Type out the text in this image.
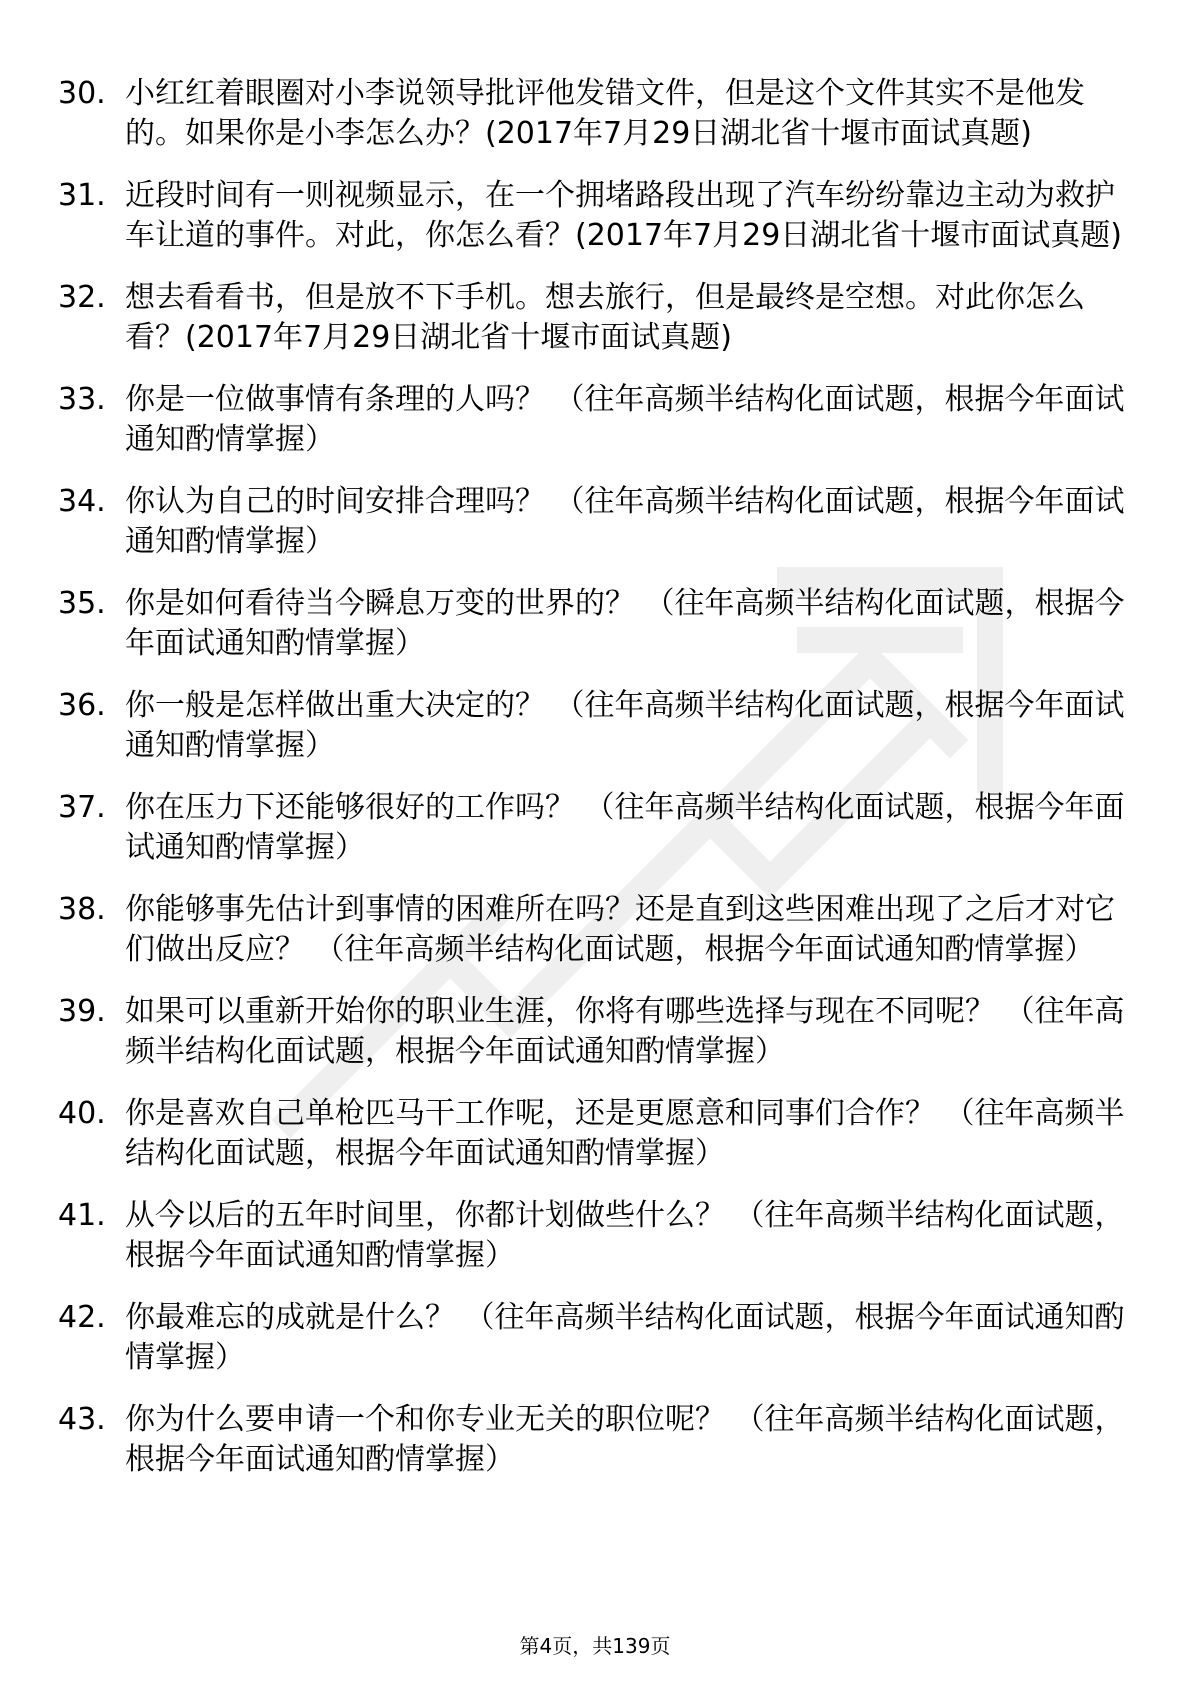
30. 小红红着眼圈对小李说领导批评他发错文件，但是这个文件其实不是他发的。如果你是小李怎么办？(2017年7月29日湖北省十堰市面试真题)
31. 近段时间有一则视频显示，在一个拥堵路段出现了汽车纷纷靠边主动为救护车让道的事件。对此，你怎么看？(2017年7月29日湖北省十堰市面试真题)
32. 想去看看书，但是放不下手机。想去旅行，但是最终是空想。对此你怎么看？(2017年7月29日湖北省十堰市面试真题)
33. 你是一位做事情有条理的人吗？ （往年高频半结构化面试题，根据今年面试通知酌情掌握）
34. 你认为自己的时间安排合理吗？ （往年高频半结构化面试题，根据今年面试通知酌情掌握）
35. 你是如何看待当今瞬息万变的世界的？ （往年高频半结构化面试题，根据今年面试通知酌情掌握）
36. 你一般是怎样做出重大决定的？ （往年高频半结构化面试题，根据今年面试通知酌情掌握）
37. 你在压力下还能够很好的工作吗？ （往年高频半结构化面试题，根据今年面试通知酌情掌握）
38. 你能够事先估计到事情的困难所在吗？还是直到这些困难出现了之后才对它们做出反应？ （往年高频半结构化面试题，根据今年面试通知酌情掌握）
39. 如果可以重新开始你的职业生涯，你将有哪些选择与现在不同呢？ （往年高频半结构化面试题，根据今年面试通知酌情掌握）
40. 你是喜欢自己单枪匹马干工作呢，还是更愿意和同事们合作？ （往年高频半结构化面试题，根据今年面试通知酌情掌握）
41. 从今以后的五年时间里，你都计划做些什么？ （往年高频半结构化面试题，根据今年面试通知酌情掌握）
42. 你最难忘的成就是什么？ （往年高频半结构化面试题，根据今年面试通知酌情掌握）
43. 你为什么要申请一个和你专业无关的职位呢？ （往年高频半结构化面试题，根据今年面试通知酌情掌握）
第4页，共139页
